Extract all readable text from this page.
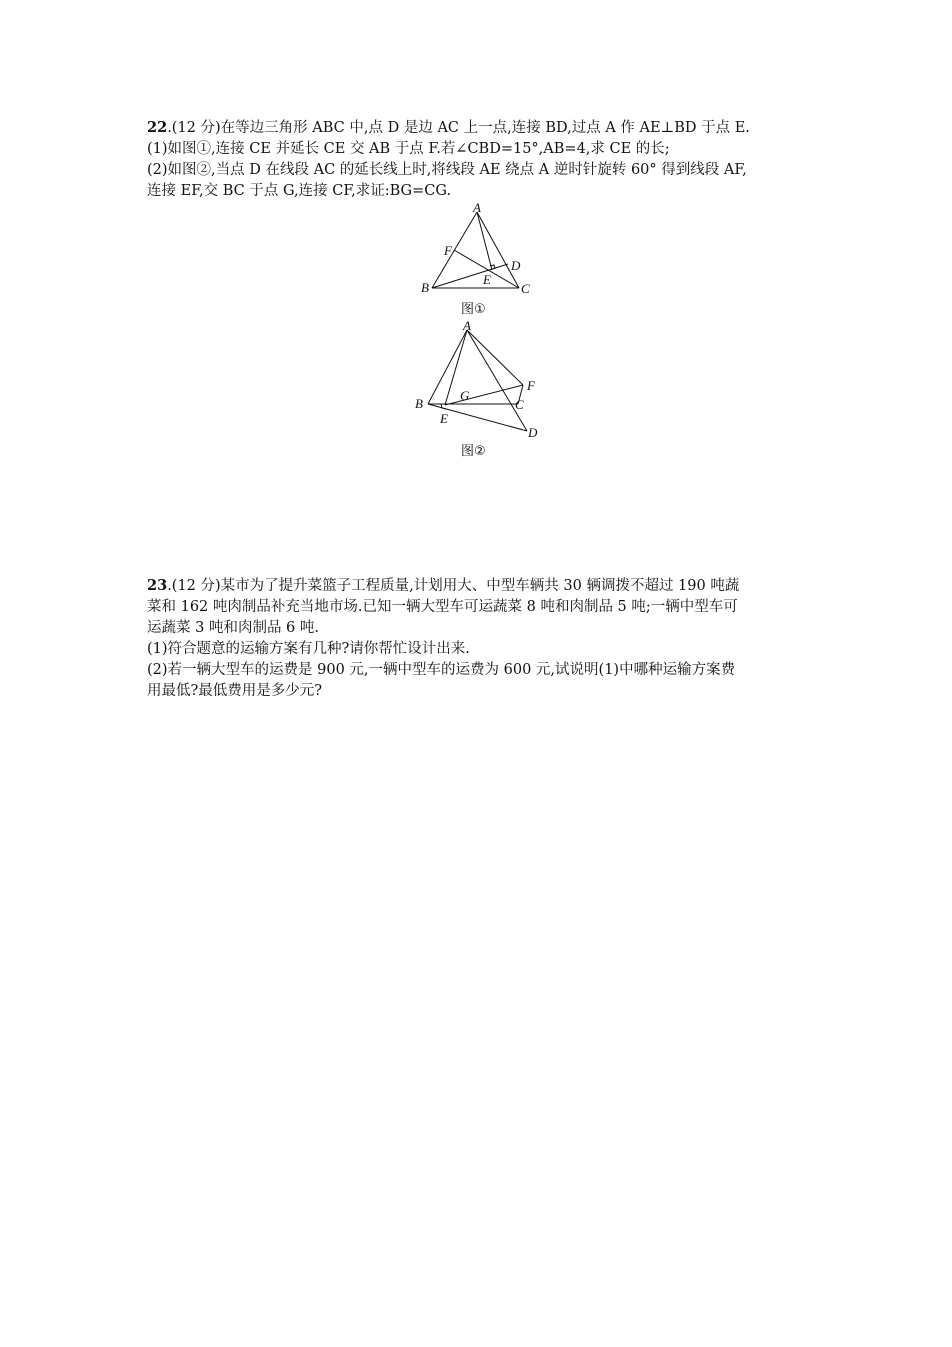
22.(12 分)在等边三角形 ABC 中,点 D 是边 AC 上一点,连接 BD,过点 A 作 AE⊥BD 于点 E.

(1)如图①,连接 CE 并延长 CE 交 AB 于点 F.若∠CBD=15°,AB=4,求 CE 的长;

(2)如图②,当点 D 在线段 AC 的延长线上时,将线段 AE 绕点 A 逆时针旋转 60° 得到线段 AF,

连接 EF,交 BC 于点 G,连接 CF,求证:BG=CG.

A
B	C
D
E
F
图①
A
B	C
D
E
F
G
图②

23.(12 分)某市为了提升菜篮子工程质量,计划用大、中型车辆共 30 辆调拨不超过 190 吨蔬

菜和 162 吨肉制品补充当地市场.已知一辆大型车可运蔬菜 8 吨和肉制品 5 吨;一辆中型车可

运蔬菜 3 吨和肉制品 6 吨.

(1)符合题意的运输方案有几种?请你帮忙设计出来.

(2)若一辆大型车的运费是 900 元,一辆中型车的运费为 600 元,试说明(1)中哪种运输方案费

用最低?最低费用是多少元?
